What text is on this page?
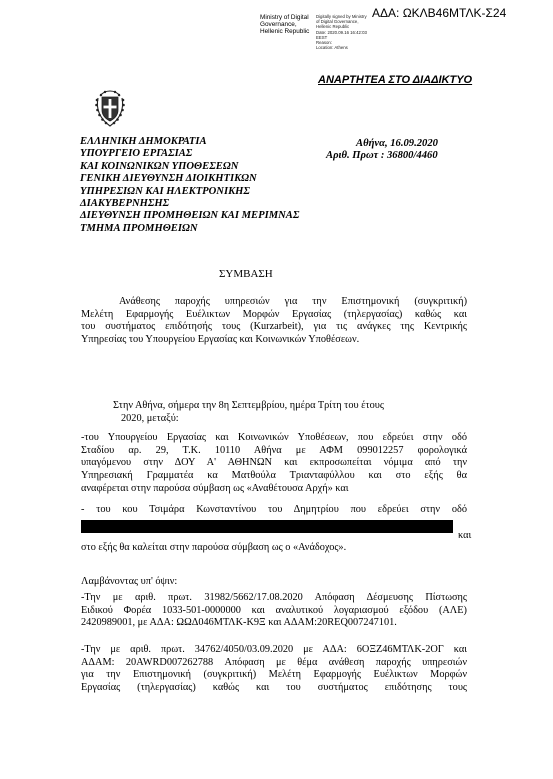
ΑΔΑ: ΩΚΛΒ46ΜΤΛΚ-Σ24
Ministry of Digital
Governance,
Hellenic Republic
Digitally signed by Ministry
of Digital Governance,
Hellenic Republic
Date: 2020.09.16 16:42:03
EEST
Reason:
Location: Athens
ΑΝΑΡΤΗΤΕΑ ΣΤΟ ΔΙΑΔΙΚΤΥΟ
ΕΛΛΗΝΙΚΗ ΔΗΜΟΚΡΑΤΙΑ
ΥΠΟΥΡΓΕΙΟ ΕΡΓΑΣΙΑΣ
ΚΑΙ ΚΟΙΝΩΝΙΚΩΝ ΥΠΟΘΕΣΕΩΝ
ΓΕΝΙΚΗ ΔΙΕΥΘΥΝΣΗ ΔΙΟΙΚΗΤΙΚΩΝ
ΥΠΗΡΕΣΙΩΝ ΚΑΙ ΗΛΕΚΤΡΟΝΙΚΗΣ
ΔΙΑΚΥΒΕΡΝΗΣΗΣ
ΔΙΕΥΘΥΝΣΗ ΠΡΟΜΗΘΕΙΩΝ ΚΑΙ ΜΕΡΙΜΝΑΣ
ΤΜΗΜΑ ΠΡΟΜΗΘΕΙΩΝ
Αθήνα, 16.09.2020
Αριθ. Πρωτ : 36800/4460
ΣΥΜΒΑΣΗ
Ανάθεσης παροχής υπηρεσιών για την Επιστημονική (συγκριτική)
Μελέτη Εφαρμογής Ευέλικτων Μορφών Εργασίας (τηλεργασίας) καθώς και
του συστήματος επιδότησής τους (Kurzarbeit), για τις ανάγκες της Κεντρικής
Υπηρεσίας του Υπουργείου Εργασίας και Κοινωνικών Υποθέσεων.
Στην Αθήνα, σήμερα την 8η Σεπτεμβρίου, ημέρα Τρίτη του έτους
2020, μεταξύ:
-του Υπουργείου Εργασίας και Κοινωνικών Υποθέσεων, που εδρεύει στην οδό
Σταδίου αρ. 29, Τ.Κ. 10110 Αθήνα με ΑΦΜ 099012257 φορολογικά
υπαγόμενου στην ΔΟΥ Α' ΑΘΗΝΩΝ και εκπροσωπείται νόμιμα από την
Υπηρεσιακή Γραμματέα κα Ματθούλα Τριανταφύλλου και στο εξής θα
αναφέρεται στην παρούσα σύμβαση ως «Αναθέτουσα Αρχή» και
- του κου Τσιμάρα Κωνσταντίνου του Δημητρίου που εδρεύει στην οδό
και
στο εξής θα καλείται στην παρούσα σύμβαση ως ο «Ανάδοχος».
Λαμβάνοντας υπ' όψιν:
-Την με αριθ. πρωτ. 31982/5662/17.08.2020 Απόφαση Δέσμευσης Πίστωσης
Ειδικού Φορέα 1033-501-0000000 και αναλυτικού λογαριασμού εξόδου (ΑΛΕ)
2420989001, με ΑΔΑ: ΩΩΔ046ΜΤΛΚ-Κ9Ξ και ΑΔΑΜ:20REQ007247101.
-Την με αριθ. πρωτ. 34762/4050/03.09.2020 με ΑΔΑ: 6ΟΞΖ46ΜΤΛΚ-2ΟΓ και
ΑΔΑΜ: 20AWRD007262788 Απόφαση με θέμα ανάθεση παροχής υπηρεσιών
για την Επιστημονική (συγκριτική) Μελέτη Εφαρμογής Ευέλικτων Μορφών
Εργασίας (τηλεργασίας) καθώς και του συστήματος επιδότησης τους
